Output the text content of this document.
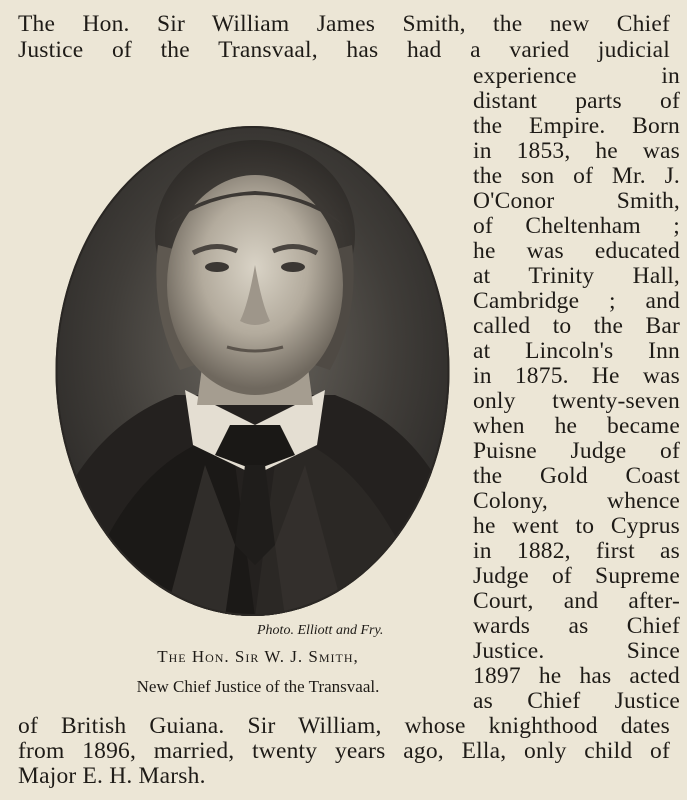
The Hon. Sir William James Smith, the new Chief
Justice of the Transvaal, has had a varied judicial
Photo. Elliott and Fry.
The Hon. Sir W. J. Smith,
New Chief Justice of the Transvaal.
experience in
distant parts of
the Empire. Born
in 1853, he was
the son of Mr. J.
O'Conor Smith,
of Cheltenham ;
he was educated
at Trinity Hall,
Cambridge ; and
called to the Bar
at Lincoln's Inn
in 1875. He was
only twenty-seven
when he became
Puisne Judge of
the Gold Coast
Colony, whence
he went to Cyprus
in 1882, first as
Judge of Supreme
Court, and after-
wards as Chief
Justice. Since
1897 he has acted
as Chief Justice
of British Guiana. Sir William, whose knighthood dates
from 1896, married, twenty years ago, Ella, only child of
Major E. H. Marsh.
